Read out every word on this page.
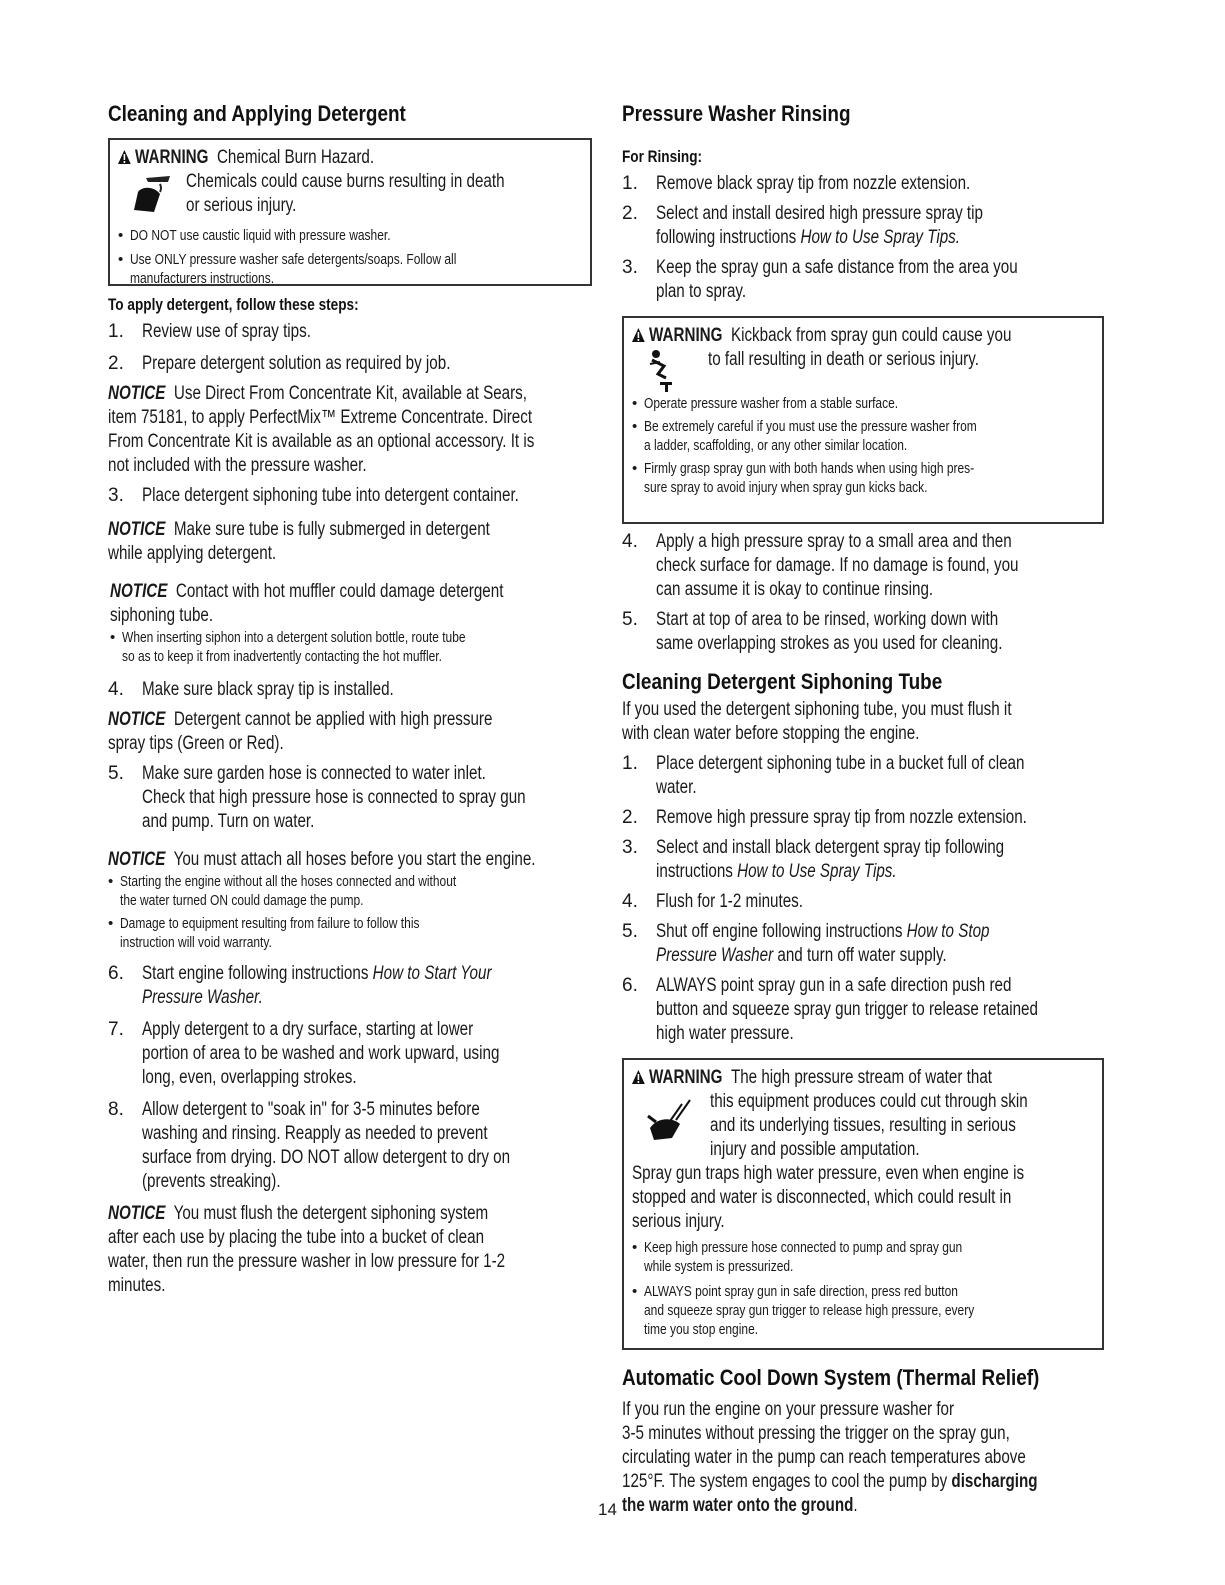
Cleaning and Applying Detergent
WARNING Chemical Burn Hazard.
Chemicals could cause burns resulting in death
or serious injury.
• DO NOT use caustic liquid with pressure washer.
• Use ONLY pressure washer safe detergents/soaps. Follow all
manufacturers instructions.
To apply detergent, follow these steps:
1. Review use of spray tips.
2. Prepare detergent solution as required by job.
NOTICE Use Direct From Concentrate Kit, available at Sears,
item 75181, to apply PerfectMix™ Extreme Concentrate. Direct
From Concentrate Kit is available as an optional accessory. It is
not included with the pressure washer.
3. Place detergent siphoning tube into detergent container.
NOTICE Make sure tube is fully submerged in detergent
while applying detergent.
NOTICE Contact with hot muffler could damage detergent
siphoning tube.
• When inserting siphon into a detergent solution bottle, route tube
so as to keep it from inadvertently contacting the hot muffler.
4. Make sure black spray tip is installed.
NOTICE Detergent cannot be applied with high pressure
spray tips (Green or Red).
5. Make sure garden hose is connected to water inlet.
Check that high pressure hose is connected to spray gun
and pump. Turn on water.
NOTICE You must attach all hoses before you start the engine.
• Starting the engine without all the hoses connected and without
the water turned ON could damage the pump.
• Damage to equipment resulting from failure to follow this
instruction will void warranty.
6. Start engine following instructions How to Start Your
Pressure Washer.
7. Apply detergent to a dry surface, starting at lower
portion of area to be washed and work upward, using
long, even, overlapping strokes.
8. Allow detergent to "soak in" for 3-5 minutes before
washing and rinsing. Reapply as needed to prevent
surface from drying. DO NOT allow detergent to dry on
(prevents streaking).
NOTICE You must flush the detergent siphoning system
after each use by placing the tube into a bucket of clean
water, then run the pressure washer in low pressure for 1-2
minutes.
Pressure Washer Rinsing
For Rinsing:
1. Remove black spray tip from nozzle extension.
2. Select and install desired high pressure spray tip
following instructions How to Use Spray Tips.
3. Keep the spray gun a safe distance from the area you
plan to spray.
WARNING Kickback from spray gun could cause you
to fall resulting in death or serious injury.
• Operate pressure washer from a stable surface.
• Be extremely careful if you must use the pressure washer from
a ladder, scaffolding, or any other similar location.
• Firmly grasp spray gun with both hands when using high pres-
sure spray to avoid injury when spray gun kicks back.
4. Apply a high pressure spray to a small area and then
check surface for damage. If no damage is found, you
can assume it is okay to continue rinsing.
5. Start at top of area to be rinsed, working down with
same overlapping strokes as you used for cleaning.
Cleaning Detergent Siphoning Tube
If you used the detergent siphoning tube, you must flush it
with clean water before stopping the engine.
1. Place detergent siphoning tube in a bucket full of clean
water.
2. Remove high pressure spray tip from nozzle extension.
3. Select and install black detergent spray tip following
instructions How to Use Spray Tips.
4. Flush for 1-2 minutes.
5. Shut off engine following instructions How to Stop
Pressure Washer and turn off water supply.
6. ALWAYS point spray gun in a safe direction push red
button and squeeze spray gun trigger to release retained
high water pressure.
WARNING The high pressure stream of water that
this equipment produces could cut through skin
and its underlying tissues, resulting in serious
injury and possible amputation.
Spray gun traps high water pressure, even when engine is
stopped and water is disconnected, which could result in
serious injury.
• Keep high pressure hose connected to pump and spray gun
while system is pressurized.
• ALWAYS point spray gun in safe direction, press red button
and squeeze spray gun trigger to release high pressure, every
time you stop engine.
Automatic Cool Down System (Thermal Relief)
If you run the engine on your pressure washer for
3-5 minutes without pressing the trigger on the spray gun,
circulating water in the pump can reach temperatures above
125°F. The system engages to cool the pump by discharging
the warm water onto the ground.
14
